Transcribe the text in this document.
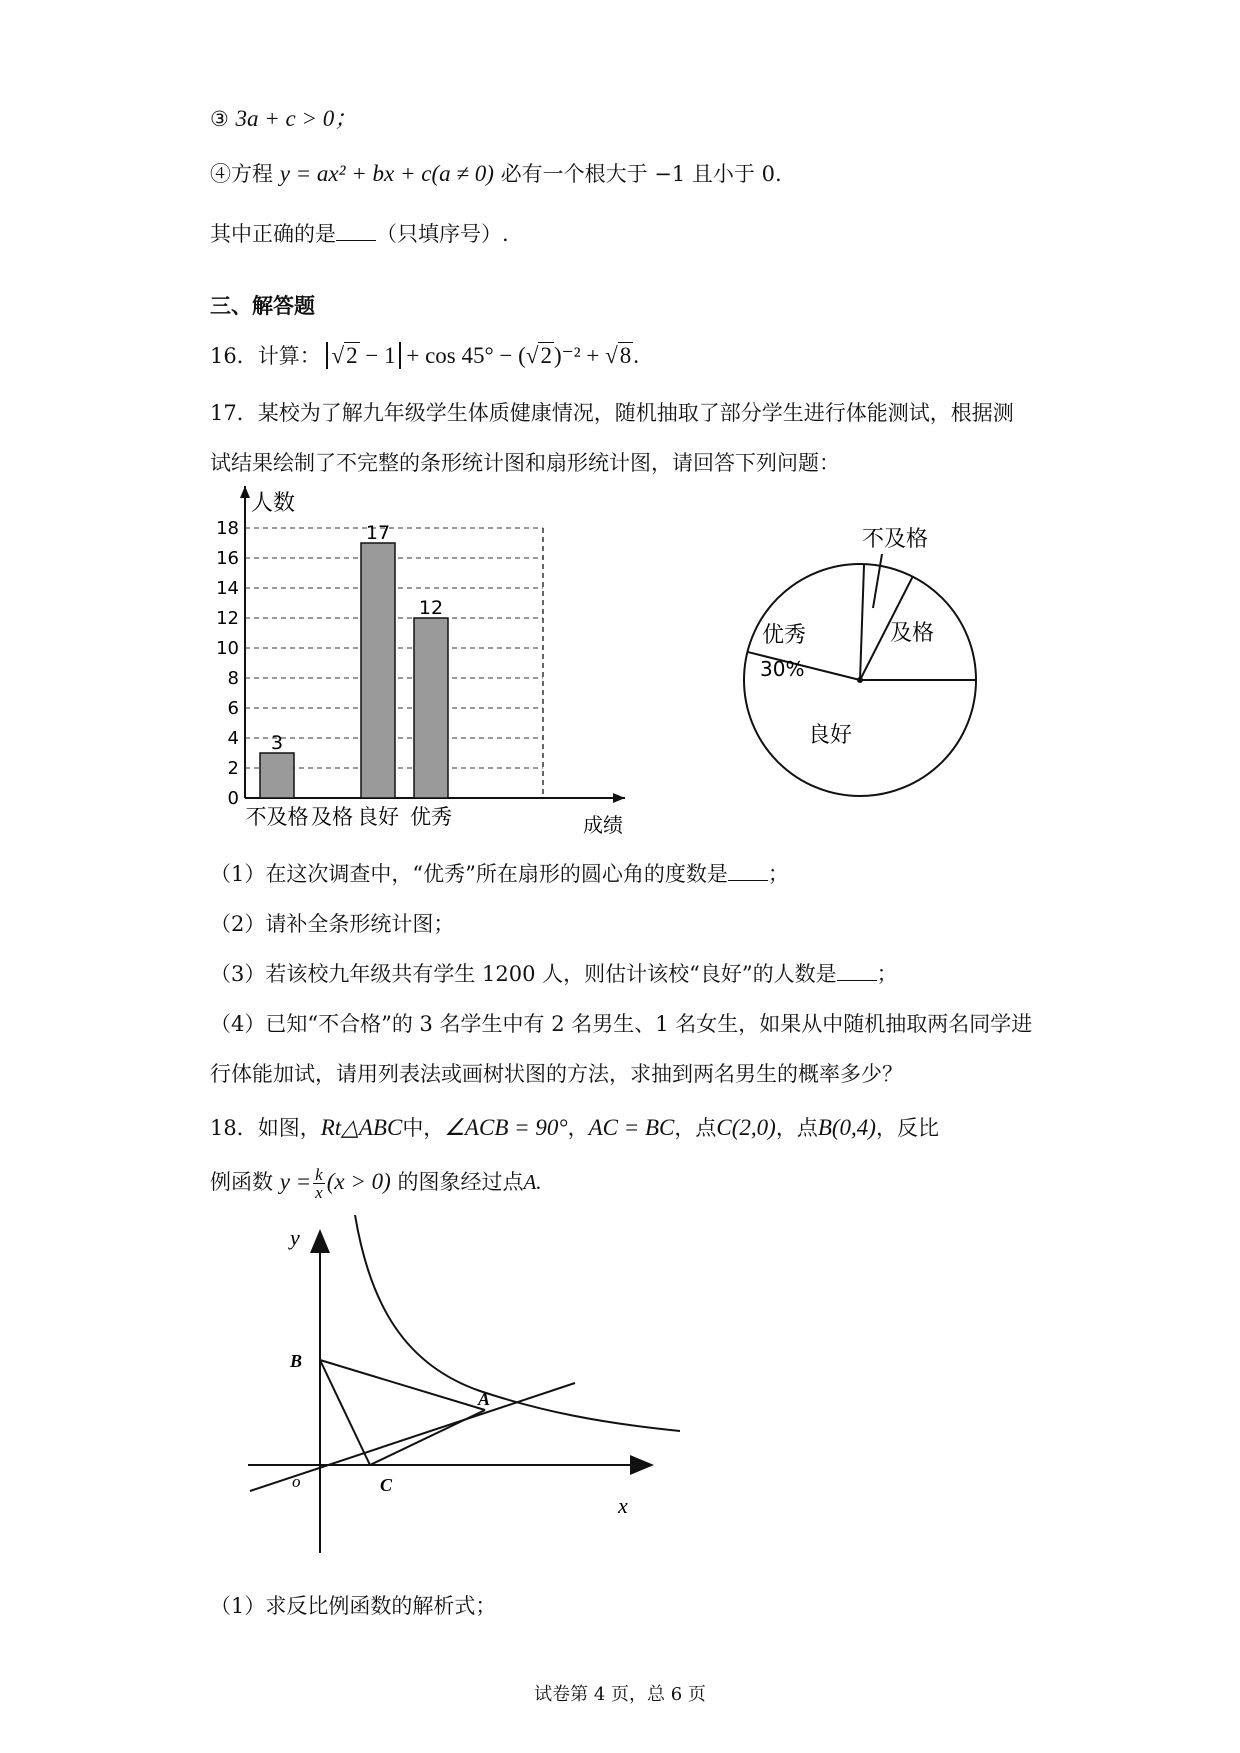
③ 3a + c > 0；
④方程 y = ax² + bx + c(a ≠ 0) 必有一个根大于 −1 且小于 0.
其中正确的是 （只填序号）.
三、解答题
16．计算： √2 − 1 + cos 45° − (√2)⁻² + √8.
17．某校为了解九年级学生体质健康情况，随机抽取了部分学生进行体能测试，根据测
试结果绘制了不完整的条形统计图和扇形统计图，请回答下列问题：
0
2
4
6
8
10
12
14
16
18
人数
成绩
不及格
3
及格 良好
17
优秀
12
不及格
及格
良好
优秀
30%
（1）在这次调查中，“优秀”所在扇形的圆心角的度数是 ；
（2）请补全条形统计图；
（3）若该校九年级共有学生 1200 人，则估计该校“良好”的人数是 ；
（4）已知“不合格”的 3 名学生中有 2 名男生、1 名女生，如果从中随机抽取两名同学进
行体能加试，请用列表法或画树状图的方法，求抽到两名男生的概率多少？
18．如图，Rt△ABC中，∠ACB = 90°，AC = BC，点C(2,0)，点B(0,4)，反比
例函数 $y = \frac{k}{x} (x > 0)$ 的图象经过点A.
y
x
o
B
A
C
（1）求反比例函数的解析式；
试卷第 4 页，总 6 页
